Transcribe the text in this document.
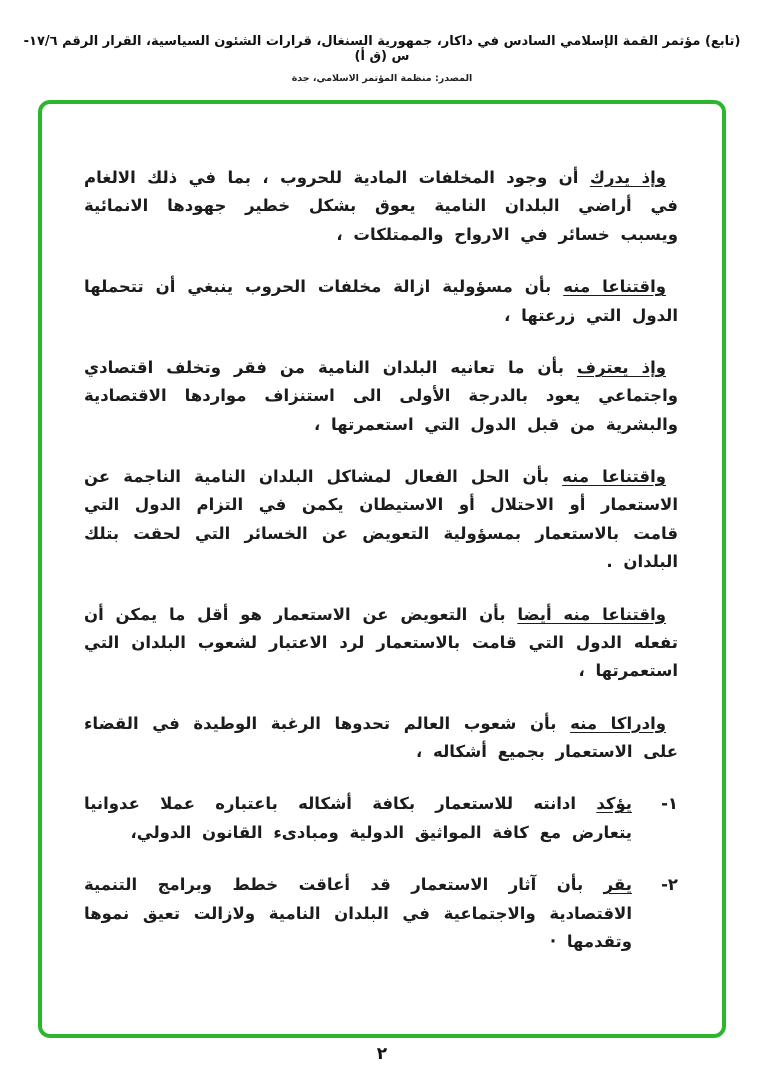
(تابع) مؤتمر القمة الإسلامي السادس في داكار، جمهورية السنغال، قرارات الشئون السياسية، القرار الرقم ١٧/٦-س (ق أ)
المصدر: منظمة المؤتمر الاسلامي، جدة

وإذ يدرك أن وجود المخلفات المادية للحروب ، بما في ذلك الالغام في أراضي البلدان النامية يعوق بشكل خطير جهودها الانمائية ويسبب خسائر في الارواح والممتلكات ،

واقتناعا منه بأن مسؤولية ازالة مخلفات الحروب ينبغي أن تتحملها الدول التي زرعتها ،

وإذ يعترف بأن ما تعانيه البلدان النامية من فقر وتخلف اقتصادي واجتماعي يعود بالدرجة الأولى الى استنزاف مواردها الاقتصادية والبشرية من قبل الدول التي استعمرتها ،

واقتناعا منه بأن الحل الفعال لمشاكل البلدان النامية الناجمة عن الاستعمار أو الاحتلال أو الاستيطان يكمن في التزام الدول التي قامت بالاستعمار بمسؤولية التعويض عن الخسائر التي لحقت بتلك البلدان .

واقتناعا منه أيضا بأن التعويض عن الاستعمار هو أقل ما يمكن أن تفعله الدول التي قامت بالاستعمار لرد الاعتبار لشعوب البلدان التي استعمرتها ،

وادراكا منه بأن شعوب العالم تحدوها الرغبة الوطيدة في القضاء على الاستعمار بجميع أشكاله ،

١-
يؤكد ادانته للاستعمار بكافة أشكاله باعتباره عملا عدوانيا يتعارض مع كافة المواثيق الدولية ومبادىء القانون الدولي،
٢-
يقر بأن آثار الاستعمار قد أعاقت خطط وبرامج التنمية الاقتصادية والاجتماعية في البلدان النامية ولازالت تعيق نموها وتقدمها ·
٢
